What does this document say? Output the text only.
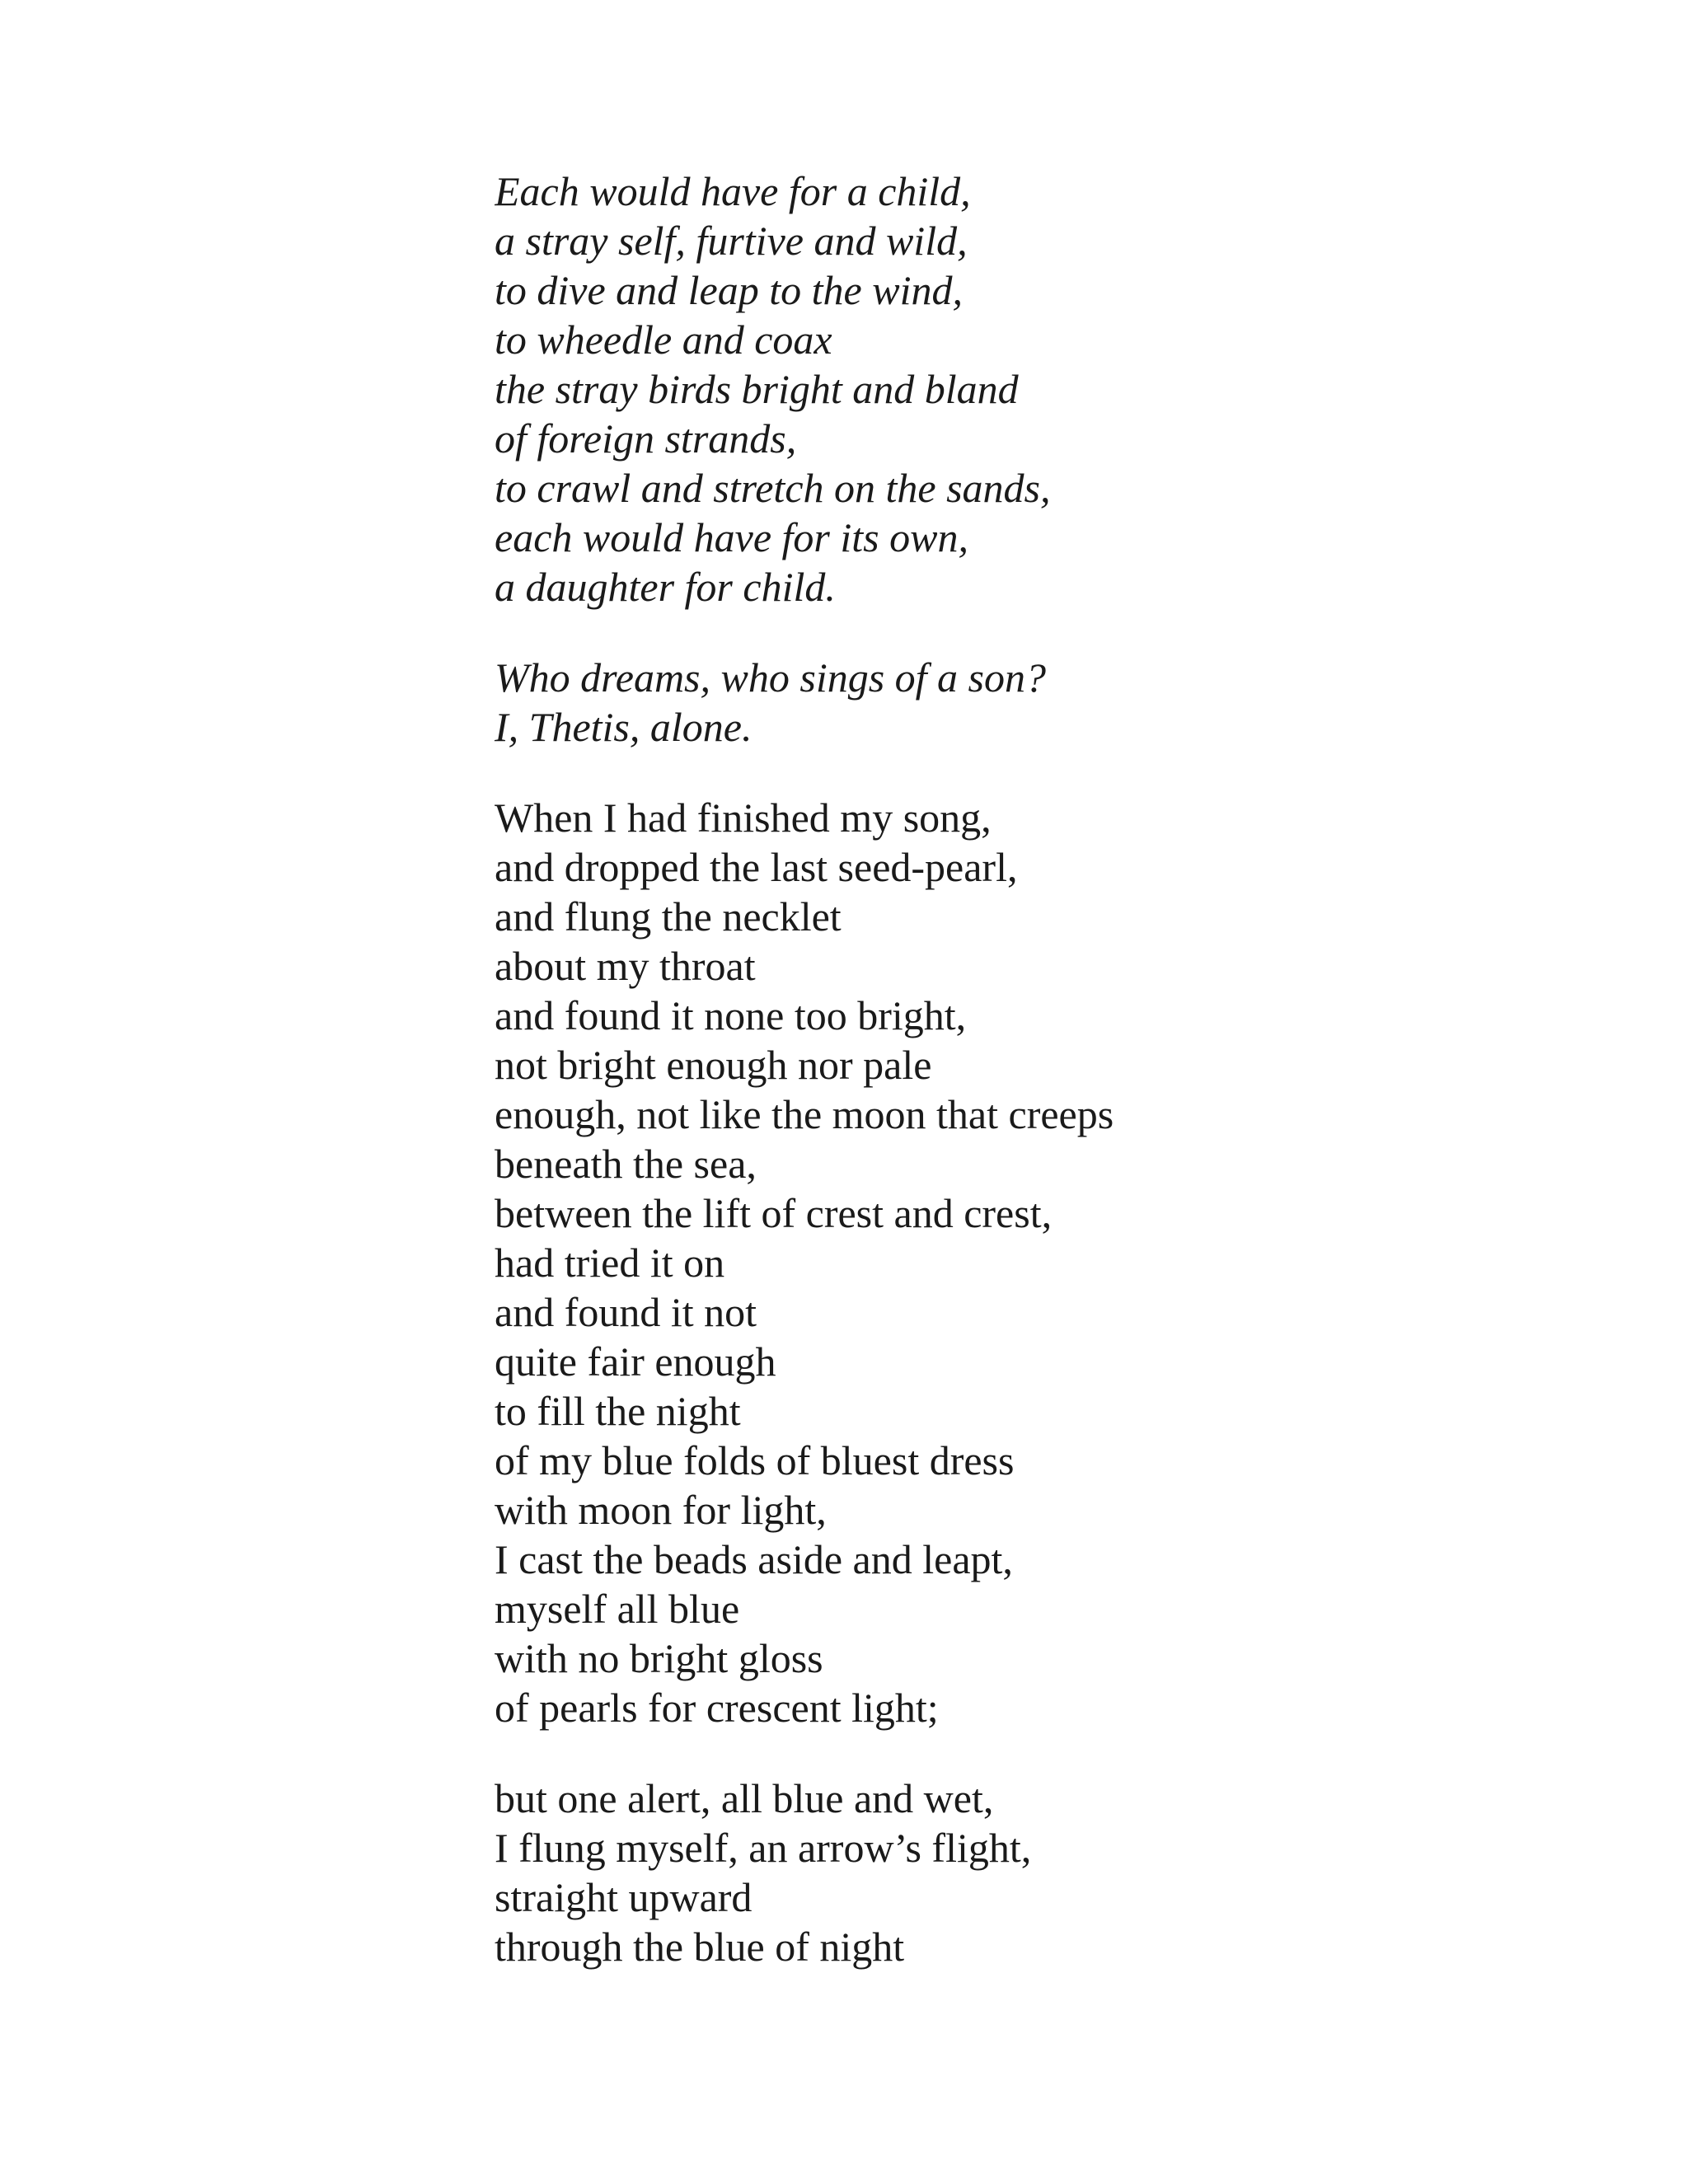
Each would have for a child,
a stray self, furtive and wild,
to dive and leap to the wind,
to wheedle and coax
the stray birds bright and bland
of foreign strands,
to crawl and stretch on the sands,
each would have for its own,
a daughter for child.
Who dreams, who sings of a son?
I, Thetis, alone.
When I had finished my song,
and dropped the last seed-pearl,
and flung the necklet
about my throat
and found it none too bright,
not bright enough nor pale
enough, not like the moon that creeps
beneath the sea,
between the lift of crest and crest,
had tried it on
and found it not
quite fair enough
to fill the night
of my blue folds of bluest dress
with moon for light,
I cast the beads aside and leapt,
myself all blue
with no bright gloss
of pearls for crescent light;
but one alert, all blue and wet,
I flung myself, an arrow’s flight,
straight upward
through the blue of night
